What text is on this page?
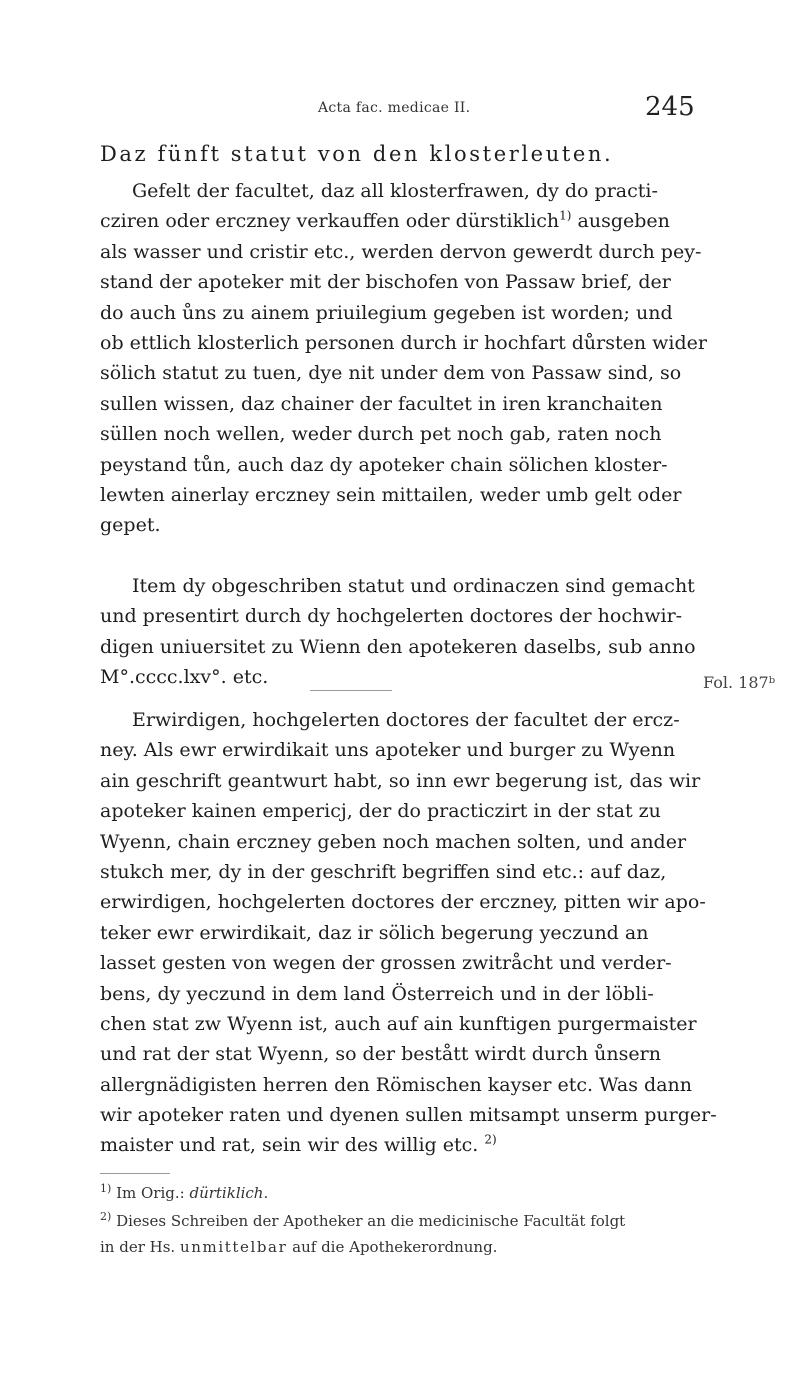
Acta fac. medicae II.	245
Daz fünft statut von den klosterleuten.
Gefelt der facultet, daz all klosterfrawen, dy do practi-
cziren oder erczney verkauffen oder dürstiklich$^{1)}$ ausgeben
als wasser und cristir etc., werden dervon gewerdt durch pey-
stand der apoteker mit der bischofen von Passaw brief, der
do auch ůns zu ainem priuilegium gegeben ist worden; und
ob ettlich klosterlich personen durch ir hochfart důrsten wider
sölich statut zu tuen, dye nit under dem von Passaw sind, so
sullen wissen, daz chainer der facultet in iren kranchaiten
süllen noch wellen, weder durch pet noch gab, raten noch
peystand tůn, auch daz dy apoteker chain sölichen kloster-
lewten ainerlay erczney sein mittailen, weder umb gelt oder
gepet.
Item dy obgeschriben statut und ordinaczen sind gemacht
und presentirt durch dy hochgelerten doctores der hochwir-
digen uniuersitet zu Wienn den apotekeren daselbs, sub anno
M°.cccc.lxv°. etc.	Fol. 187ᵇ
Erwirdigen, hochgelerten doctores der facultet der ercz-
ney. Als ewr erwirdikait uns apoteker und burger zu Wyenn
ain geschrift geantwurt habt, so inn ewr begerung ist, das wir
apoteker kainen empericj, der do practiczirt in der stat zu
Wyenn, chain erczney geben noch machen solten, und ander
stukch mer, dy in der geschrift begriffen sind etc.: auf daz,
erwirdigen, hochgelerten doctores der erczney, pitten wir apo-
teker ewr erwirdikait, daz ir sölich begerung yeczund an
lasset gesten von wegen der grossen zwitråcht und verder-
bens, dy yeczund in dem land Österreich und in der löbli-
chen stat zw Wyenn ist, auch auf ain kunftigen purgermaister
und rat der stat Wyenn, so der bestått wirdt durch ůnsern
allergnädigisten herren den Römischen kayser etc. Was dann
wir apoteker raten und dyenen sullen mitsampt unserm purger-
maister und rat, sein wir des willig etc. $^{2)}$
$^{1)}$ Im Orig.: dürtiklich.
$^{2)}$ Dieses Schreiben der Apotheker an die medicinische Facultät folgt
in der Hs. unmittelbar auf die Apothekerordnung.
